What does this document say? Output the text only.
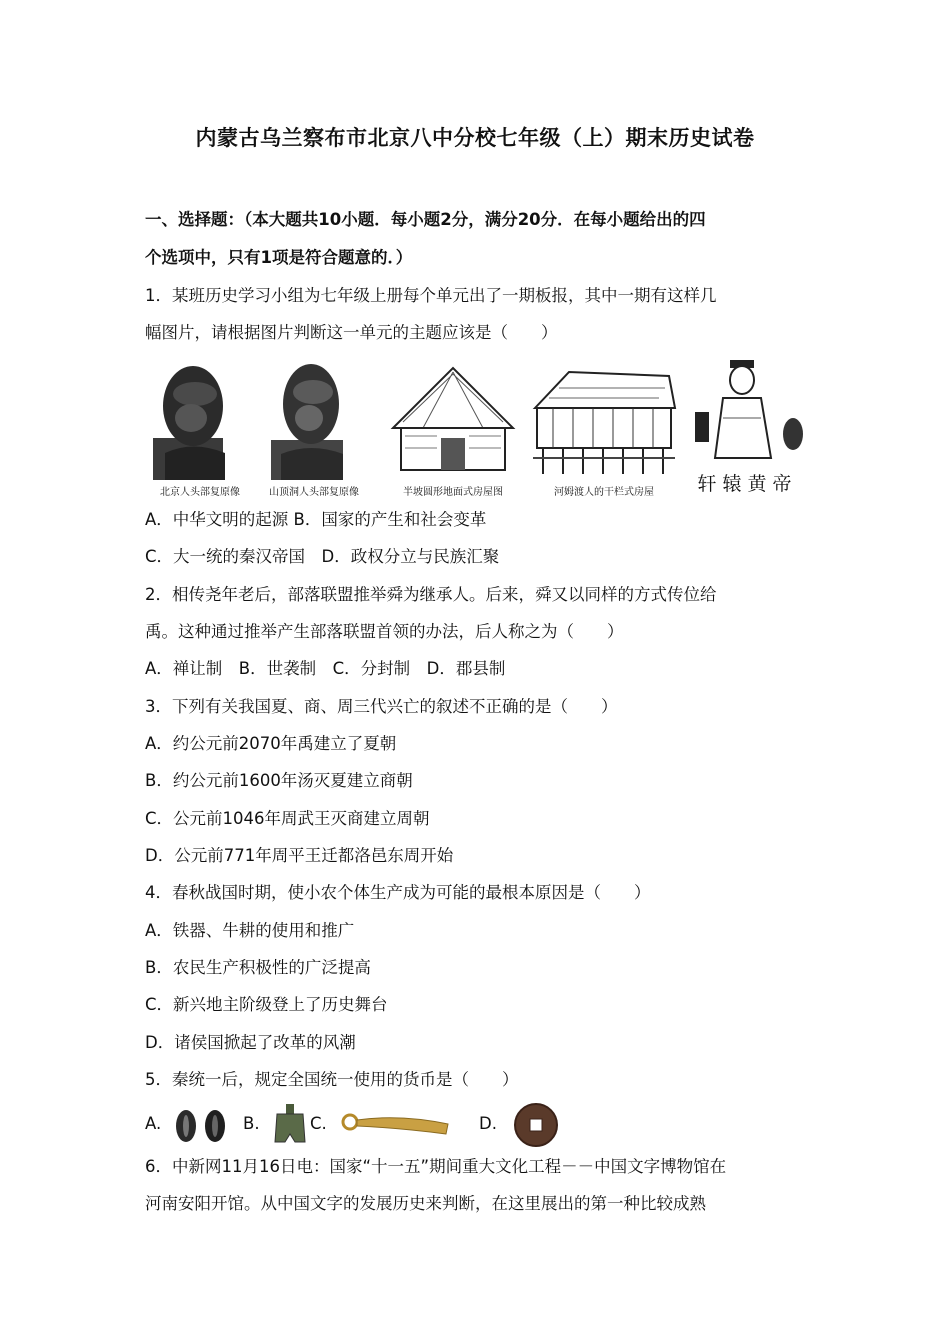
内蒙古乌兰察布市北京八中分校七年级（上）期末历史试卷
一、选择题：（本大题共10小题．每小题2分，满分20分．在每小题给出的四
个选项中，只有1项是符合题意的．）
1．某班历史学习小组为七年级上册每个单元出了一期板报，其中一期有这样几
幅图片，请根据图片判断这一单元的主题应该是（　　）
北京人头部复原像	山顶洞人头部复原像	半坡圆形地面式房屋图	河姆渡人的干栏式房屋	轩辕黄帝
A．中华文明的起源 B．国家的产生和社会变革
C．大一统的秦汉帝国　D．政权分立与民族汇聚
2．相传尧年老后，部落联盟推举舜为继承人。后来，舜又以同样的方式传位给
禹。这种通过推举产生部落联盟首领的办法，后人称之为（　　）
A．禅让制　B．世袭制　C．分封制　D．郡县制
3．下列有关我国夏、商、周三代兴亡的叙述不正确的是（　　）
A．约公元前2070年禹建立了夏朝
B．约公元前1600年汤灭夏建立商朝
C．公元前1046年周武王灭商建立周朝
D．公元前771年周平王迁都洛邑东周开始
4．春秋战国时期，使小农个体生产成为可能的最根本原因是（　　）
A．铁器、牛耕的使用和推广
B．农民生产积极性的广泛提高
C．新兴地主阶级登上了历史舞台
D．诸侯国掀起了改革的风潮
5．秦统一后，规定全国统一使用的货币是（　　）
A.	B.	C.	D.
6．中新网11月16日电：国家“十一五”期间重大文化工程－－中国文字博物馆在
河南安阳开馆。从中国文字的发展历史来判断，在这里展出的第一种比较成熟
